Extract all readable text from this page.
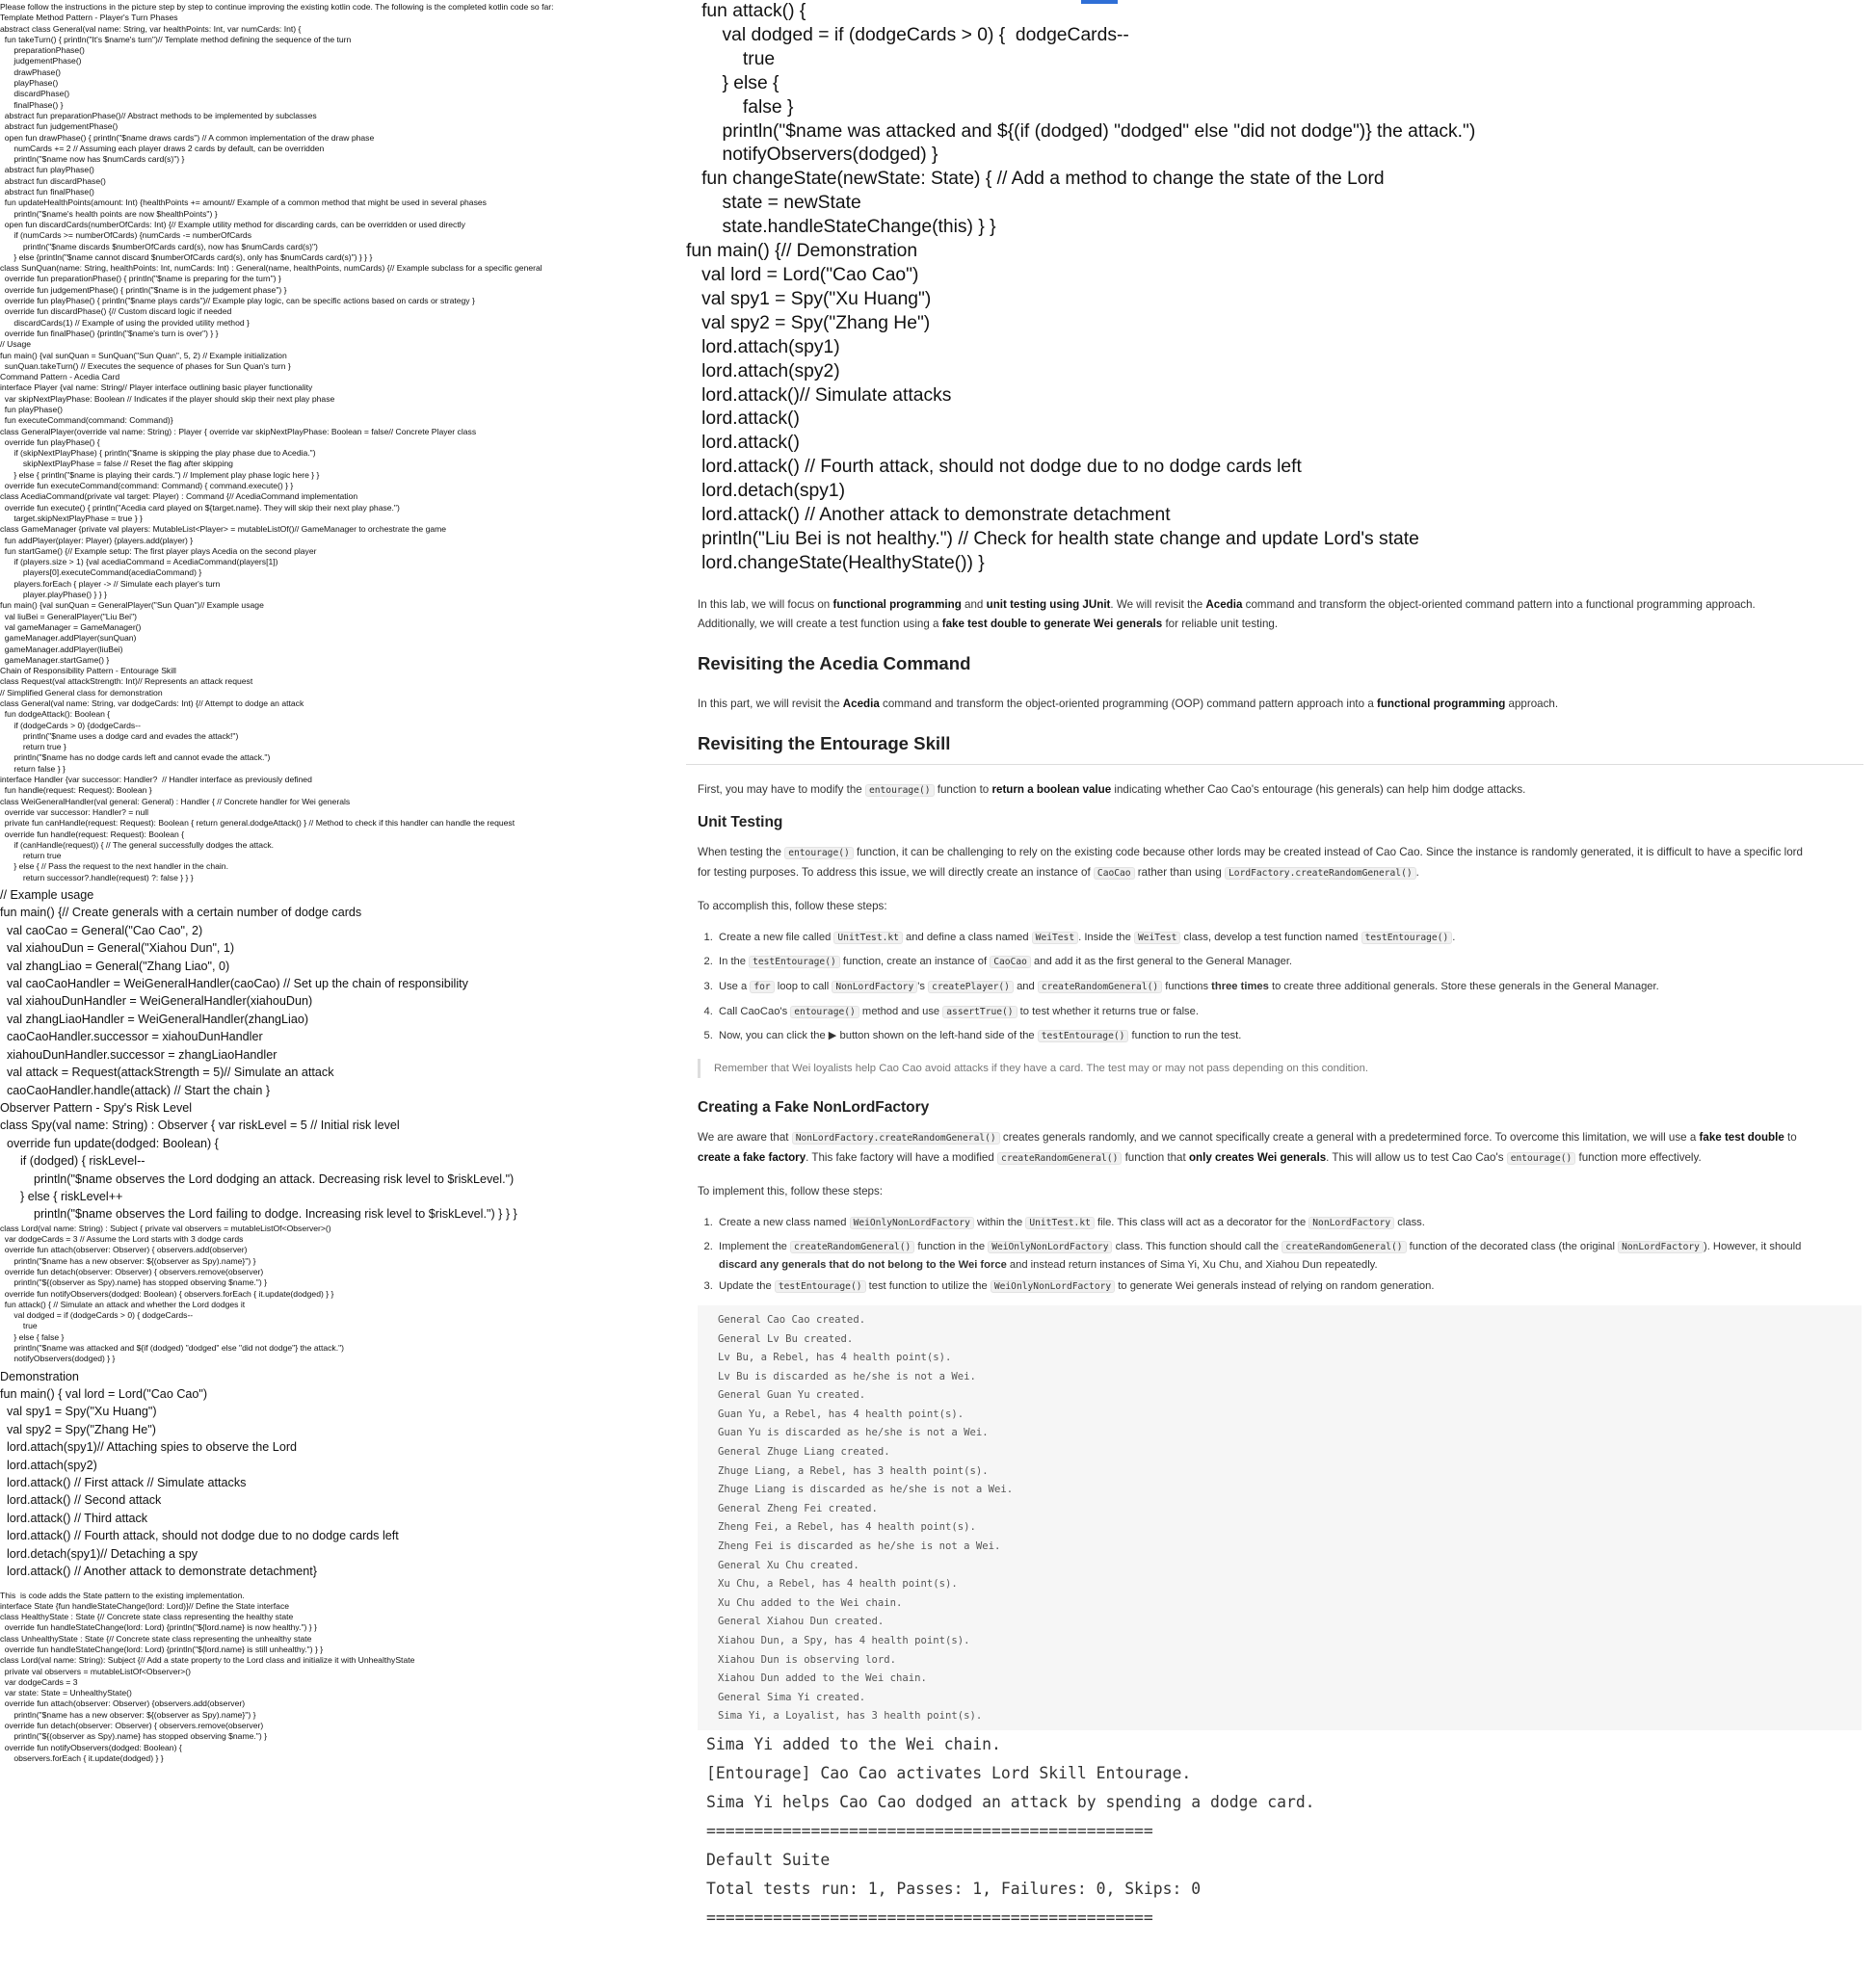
Please follow the instructions in the picture step by step to continue improving the existing kotlin code. The following is the completed kotlin code so far:
Template Method Pattern - Player's Turn Phases
abstract class General(val name: String, var healthPoints: Int, var numCards: Int) {
fun takeTurn() { println("It's $name's turn")// Template method defining the sequence of the turn
preparationPhase()
judgementPhase()
drawPhase()
playPhase()
discardPhase()
finalPhase() }
abstract fun preparationPhase()// Abstract methods to be implemented by subclasses
abstract fun judgementPhase()
open fun drawPhase() { println("$name draws cards") // A common implementation of the draw phase
numCards += 2 // Assuming each player draws 2 cards by default, can be overridden
println("$name now has $numCards card(s)") }
abstract fun playPhase()
abstract fun discardPhase()
abstract fun finalPhase()
fun updateHealthPoints(amount: Int) {healthPoints += amount// Example of a common method that might be used in several phases
println("$name's health points are now $healthPoints") }
open fun discardCards(numberOfCards: Int) {// Example utility method for discarding cards, can be overridden or used directly
if (numCards >= numberOfCards) {numCards -= numberOfCards
println("$name discards $numberOfCards card(s), now has $numCards card(s)")
} else {println("$name cannot discard $numberOfCards card(s), only has $numCards card(s)") } } }
class SunQuan(name: String, healthPoints: Int, numCards: Int) : General(name, healthPoints, numCards) {// Example subclass for a specific general
override fun preparationPhase() { println("$name is preparing for the turn") }
override fun judgementPhase() { println("$name is in the judgement phase") }
override fun playPhase() { println("$name plays cards")// Example play logic, can be specific actions based on cards or strategy }
override fun discardPhase() {// Custom discard logic if needed
discardCards(1) // Example of using the provided utility method }
override fun finalPhase() {println("$name's turn is over") } }
// Usage
fun main() {val sunQuan = SunQuan("Sun Quan", 5, 2) // Example initialization
sunQuan.takeTurn() // Executes the sequence of phases for Sun Quan's turn }
Command Pattern - Acedia Card
interface Player {val name: String// Player interface outlining basic player functionality
var skipNextPlayPhase: Boolean // Indicates if the player should skip their next play phase
fun playPhase()
fun executeCommand(command: Command)}
class GeneralPlayer(override val name: String) : Player { override var skipNextPlayPhase: Boolean = false// Concrete Player class
override fun playPhase() {
if (skipNextPlayPhase) { println("$name is skipping the play phase due to Acedia.")
skipNextPlayPhase = false // Reset the flag after skipping
} else { println("$name is playing their cards.") // Implement play phase logic here } }
override fun executeCommand(command: Command) { command.execute() } }
class AcediaCommand(private val target: Player) : Command {// AcediaCommand implementation
override fun execute() { println("Acedia card played on ${target.name}. They will skip their next play phase.")
target.skipNextPlayPhase = true } }
class GameManager {private val players: MutableList<Player> = mutableListOf()// GameManager to orchestrate the game
fun addPlayer(player: Player) {players.add(player) }
fun startGame() {// Example setup: The first player plays Acedia on the second player
if (players.size > 1) {val acediaCommand = AcediaCommand(players[1])
players[0].executeCommand(acediaCommand) }
players.forEach { player -> // Simulate each player's turn
player.playPhase() } } }
fun main() {val sunQuan = GeneralPlayer("Sun Quan")// Example usage
val liuBei = GeneralPlayer("Liu Bei")
val gameManager = GameManager()
gameManager.addPlayer(sunQuan)
gameManager.addPlayer(liuBei)
gameManager.startGame() }
Chain of Responsibility Pattern - Entourage Skill
class Request(val attackStrength: Int)// Represents an attack request
// Simplified General class for demonstration
class General(val name: String, var dodgeCards: Int) {// Attempt to dodge an attack
fun dodgeAttack(): Boolean {
if (dodgeCards > 0) {dodgeCards--
println("$name uses a dodge card and evades the attack!")
return true }
println("$name has no dodge cards left and cannot evade the attack.")
return false } }
interface Handler {var successor: Handler?  // Handler interface as previously defined
fun handle(request: Request): Boolean }
class WeiGeneralHandler(val general: General) : Handler { // Concrete handler for Wei generals
override var successor: Handler? = null
private fun canHandle(request: Request): Boolean { return general.dodgeAttack() } // Method to check if this handler can handle the request
override fun handle(request: Request): Boolean {
if (canHandle(request)) { // The general successfully dodges the attack.
return true
} else { // Pass the request to the next handler in the chain.
return successor?.handle(request) ?: false } } }
// Example usage
fun main() {// Create generals with a certain number of dodge cards
val caoCao = General("Cao Cao", 2)
val xiahouDun = General("Xiahou Dun", 1)
val zhangLiao = General("Zhang Liao", 0)
val caoCaoHandler = WeiGeneralHandler(caoCao) // Set up the chain of responsibility
val xiahouDunHandler = WeiGeneralHandler(xiahouDun)
val zhangLiaoHandler = WeiGeneralHandler(zhangLiao)
caoCaoHandler.successor = xiahouDunHandler
xiahouDunHandler.successor = zhangLiaoHandler
val attack = Request(attackStrength = 5)// Simulate an attack
caoCaoHandler.handle(attack) // Start the chain }
Observer Pattern - Spy's Risk Level
class Spy(val name: String) : Observer { var riskLevel = 5 // Initial risk level
override fun update(dodged: Boolean) {
if (dodged) { riskLevel--
println("$name observes the Lord dodging an attack. Decreasing risk level to $riskLevel.")
} else { riskLevel++
println("$name observes the Lord failing to dodge. Increasing risk level to $riskLevel.") } } }
class Lord(val name: String) : Subject { private val observers = mutableListOf<Observer>()
var dodgeCards = 3 // Assume the Lord starts with 3 dodge cards
override fun attach(observer: Observer) { observers.add(observer)
println("$name has a new observer: ${(observer as Spy).name}") }
override fun detach(observer: Observer) { observers.remove(observer)
println("${(observer as Spy).name} has stopped observing $name.") }
override fun notifyObservers(dodged: Boolean) { observers.forEach { it.update(dodged) } }
fun attack() { // Simulate an attack and whether the Lord dodges it
val dodged = if (dodgeCards > 0) { dodgeCards--
true
} else { false }
println("$name was attacked and ${if (dodged) "dodged" else "did not dodge"} the attack.")
notifyObservers(dodged) } }
Demonstration
fun main() { val lord = Lord("Cao Cao")
val spy1 = Spy("Xu Huang")
val spy2 = Spy("Zhang He")
lord.attach(spy1)// Attaching spies to observe the Lord
lord.attach(spy2)
lord.attack() // First attack // Simulate attacks
lord.attack() // Second attack
lord.attack() // Third attack
lord.attack() // Fourth attack, should not dodge due to no dodge cards left
lord.detach(spy1)// Detaching a spy
lord.attack() // Another attack to demonstrate detachment}
This  is code adds the State pattern to the existing implementation.
interface State {fun handleStateChange(lord: Lord)}// Define the State interface
class HealthyState : State {// Concrete state class representing the healthy state
override fun handleStateChange(lord: Lord) {println("${lord.name} is now healthy.") } }
class UnhealthyState : State {// Concrete state class representing the unhealthy state
override fun handleStateChange(lord: Lord) {println("${lord.name} is still unhealthy.") } }
class Lord(val name: String): Subject {// Add a state property to the Lord class and initialize it with UnhealthyState
private val observers = mutableListOf<Observer>()
var dodgeCards = 3
var state: State = UnhealthyState()
override fun attach(observer: Observer) {observers.add(observer)
println("$name has a new observer: ${(observer as Spy).name}") }
override fun detach(observer: Observer) { observers.remove(observer)
println("${(observer as Spy).name} has stopped observing $name.") }
override fun notifyObservers(dodged: Boolean) {
observers.forEach { it.update(dodged) } }
fun attack() {
val dodged = if (dodgeCards > 0) {  dodgeCards--
true
} else {
false }
println("$name was attacked and ${(if (dodged) "dodged" else "did not dodge")} the attack.")
notifyObservers(dodged) }
fun changeState(newState: State) { // Add a method to change the state of the Lord
state = newState
state.handleStateChange(this) } }
fun main() {// Demonstration
val lord = Lord("Cao Cao")
val spy1 = Spy("Xu Huang")
val spy2 = Spy("Zhang He")
lord.attach(spy1)
lord.attach(spy2)
lord.attack()// Simulate attacks
lord.attack()
lord.attack()
lord.attack() // Fourth attack, should not dodge due to no dodge cards left
lord.detach(spy1)
lord.attack() // Another attack to demonstrate detachment
println("Liu Bei is not healthy.") // Check for health state change and update Lord's state
lord.changeState(HealthyState()) }

In this lab, we will focus on functional programming and unit testing using JUnit. We will revisit the Acedia command and transform the object-oriented command pattern into a functional programming approach.
Additionally, we will create a test function using a fake test double to generate Wei generals for reliable unit testing.

Revisiting the Acedia Command

In this part, we will revisit the Acedia command and transform the object-oriented programming (OOP) command pattern approach into a functional programming approach.

Revisiting the Entourage Skill

First, you may have to modify the entourage() function to return a boolean value indicating whether Cao Cao's entourage (his generals) can help him dodge attacks.

Unit Testing

When testing the entourage() function, it can be challenging to rely on the existing code because other lords may be created instead of Cao Cao. Since the instance is randomly generated, it is difficult to have a specific lord
for testing purposes. To address this issue, we will directly create an instance of CaoCao rather than using LordFactory.createRandomGeneral() .

To accomplish this, follow these steps:

1. Create a new file called UnitTest.kt and define a class named WeiTest . Inside the WeiTest class, develop a test function named testEntourage() .
2. In the testEntourage() function, create an instance of CaoCao and add it as the first general to the General Manager.
3. Use a for loop to call NonLordFactory 's createPlayer() and createRandomGeneral() functions three times to create three additional generals. Store these generals in the General Manager.
4. Call CaoCao's entourage() method and use assertTrue() to test whether it returns true or false.
5. Now, you can click the ▶ button shown on the left-hand side of the testEntourage() function to run the test.
Remember that Wei loyalists help Cao Cao avoid attacks if they have a card. The test may or may not pass depending on this condition.
Creating a Fake NonLordFactory

We are aware that NonLordFactory.createRandomGeneral() creates generals randomly, and we cannot specifically create a general with a predetermined force. To overcome this limitation, we will use a fake test double to
create a fake factory. This fake factory will have a modified createRandomGeneral() function that only creates Wei generals. This will allow us to test Cao Cao's entourage() function more effectively.

To implement this, follow these steps:

1. Create a new class named WeiOnlyNonLordFactory within the UnitTest.kt file. This class will act as a decorator for the NonLordFactory class.
2. Implement the createRandomGeneral() function in the WeiOnlyNonLordFactory class. This function should call the createRandomGeneral() function of the decorated class (the original NonLordFactory ). However, it should
discard any generals that do not belong to the Wei force and instead return instances of Sima Yi, Xu Chu, and Xiahou Dun repeatedly.
3. Update the testEntourage() test function to utilize the WeiOnlyNonLordFactory to generate Wei generals instead of relying on random generation.
General Cao Cao created.
General Lv Bu created.
Lv Bu, a Rebel, has 4 health point(s).
Lv Bu is discarded as he/she is not a Wei.
General Guan Yu created.
Guan Yu, a Rebel, has 4 health point(s).
Guan Yu is discarded as he/she is not a Wei.
General Zhuge Liang created.
Zhuge Liang, a Rebel, has 3 health point(s).
Zhuge Liang is discarded as he/she is not a Wei.
General Zheng Fei created.
Zheng Fei, a Rebel, has 4 health point(s).
Zheng Fei is discarded as he/she is not a Wei.
General Xu Chu created.
Xu Chu, a Rebel, has 4 health point(s).
Xu Chu added to the Wei chain.
General Xiahou Dun created.
Xiahou Dun, a Spy, has 4 health point(s).
Xiahou Dun is observing lord.
Xiahou Dun added to the Wei chain.
General Sima Yi created.
Sima Yi, a Loyalist, has 3 health point(s).
Sima Yi added to the Wei chain.
[Entourage] Cao Cao activates Lord Skill Entourage.
Sima Yi helps Cao Cao dodged an attack by spending a dodge card.
===============================================
Default Suite
Total tests run: 1, Passes: 1, Failures: 0, Skips: 0
===============================================
